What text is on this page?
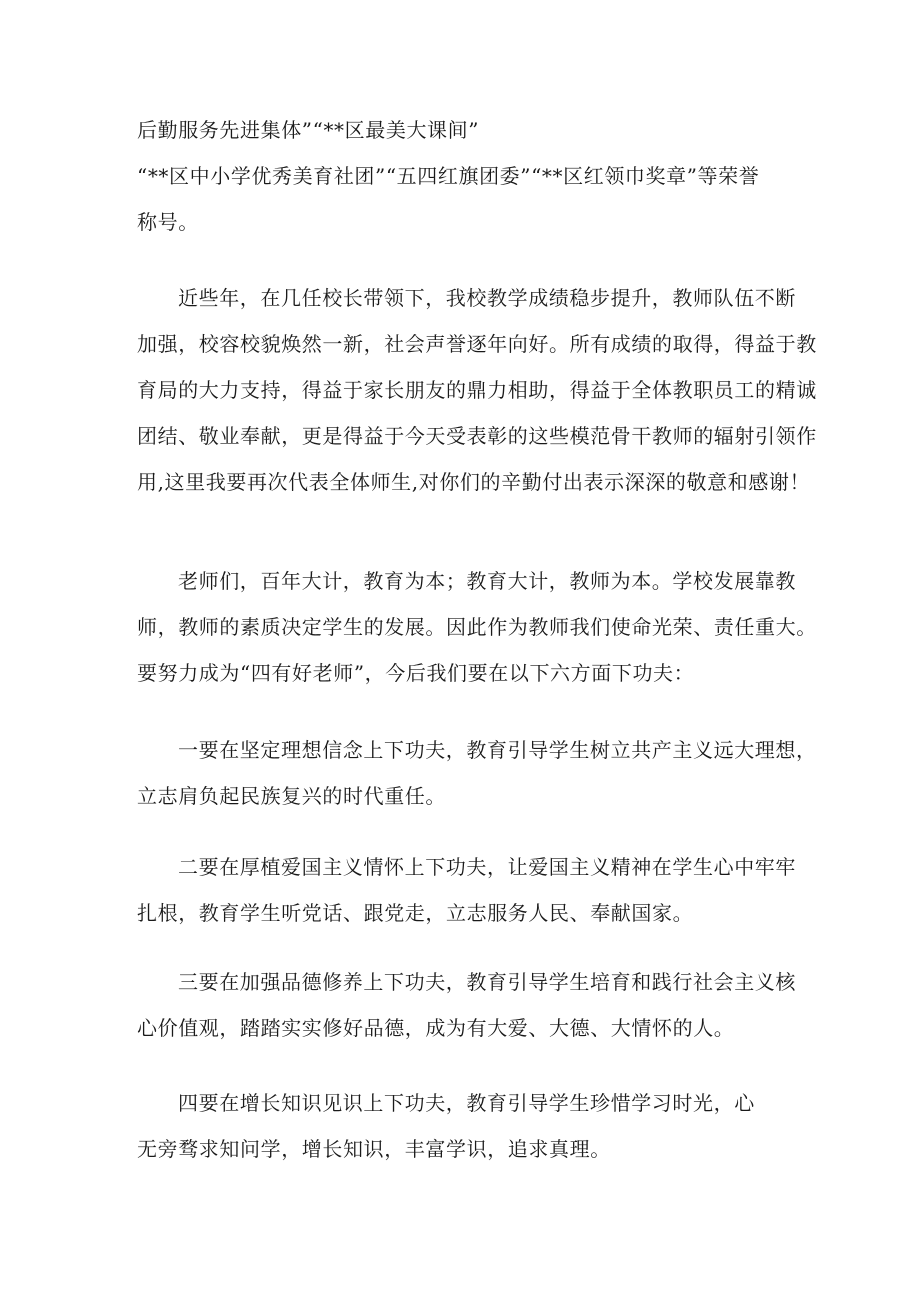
后勤服务先进集体”“**区最美大课间”
“**区中小学优秀美育社团”“五四红旗团委”“**区红领巾奖章”等荣誉
称号。
近些年，在几任校长带领下，我校教学成绩稳步提升，教师队伍不断
加强，校容校貌焕然一新，社会声誉逐年向好。所有成绩的取得，得益于教
育局的大力支持，得益于家长朋友的鼎力相助，得益于全体教职员工的精诚
团结、敬业奉献，更是得益于今天受表彰的这些模范骨干教师的辐射引领作
用,这里我要再次代表全体师生,对你们的辛勤付出表示深深的敬意和感谢！
老师们，百年大计，教育为本；教育大计，教师为本。学校发展靠教
师，教师的素质决定学生的发展。因此作为教师我们使命光荣、责任重大。
要努力成为“四有好老师”，今后我们要在以下六方面下功夫：
一要在坚定理想信念上下功夫，教育引导学生树立共产主义远大理想，
立志肩负起民族复兴的时代重任。
二要在厚植爱国主义情怀上下功夫，让爱国主义精神在学生心中牢牢
扎根，教育学生听党话、跟党走，立志服务人民、奉献国家。
三要在加强品德修养上下功夫，教育引导学生培育和践行社会主义核
心价值观，踏踏实实修好品德，成为有大爱、大德、大情怀的人。
四要在增长知识见识上下功夫，教育引导学生珍惜学习时光，心
无旁骛求知问学，增长知识，丰富学识，追求真理。
